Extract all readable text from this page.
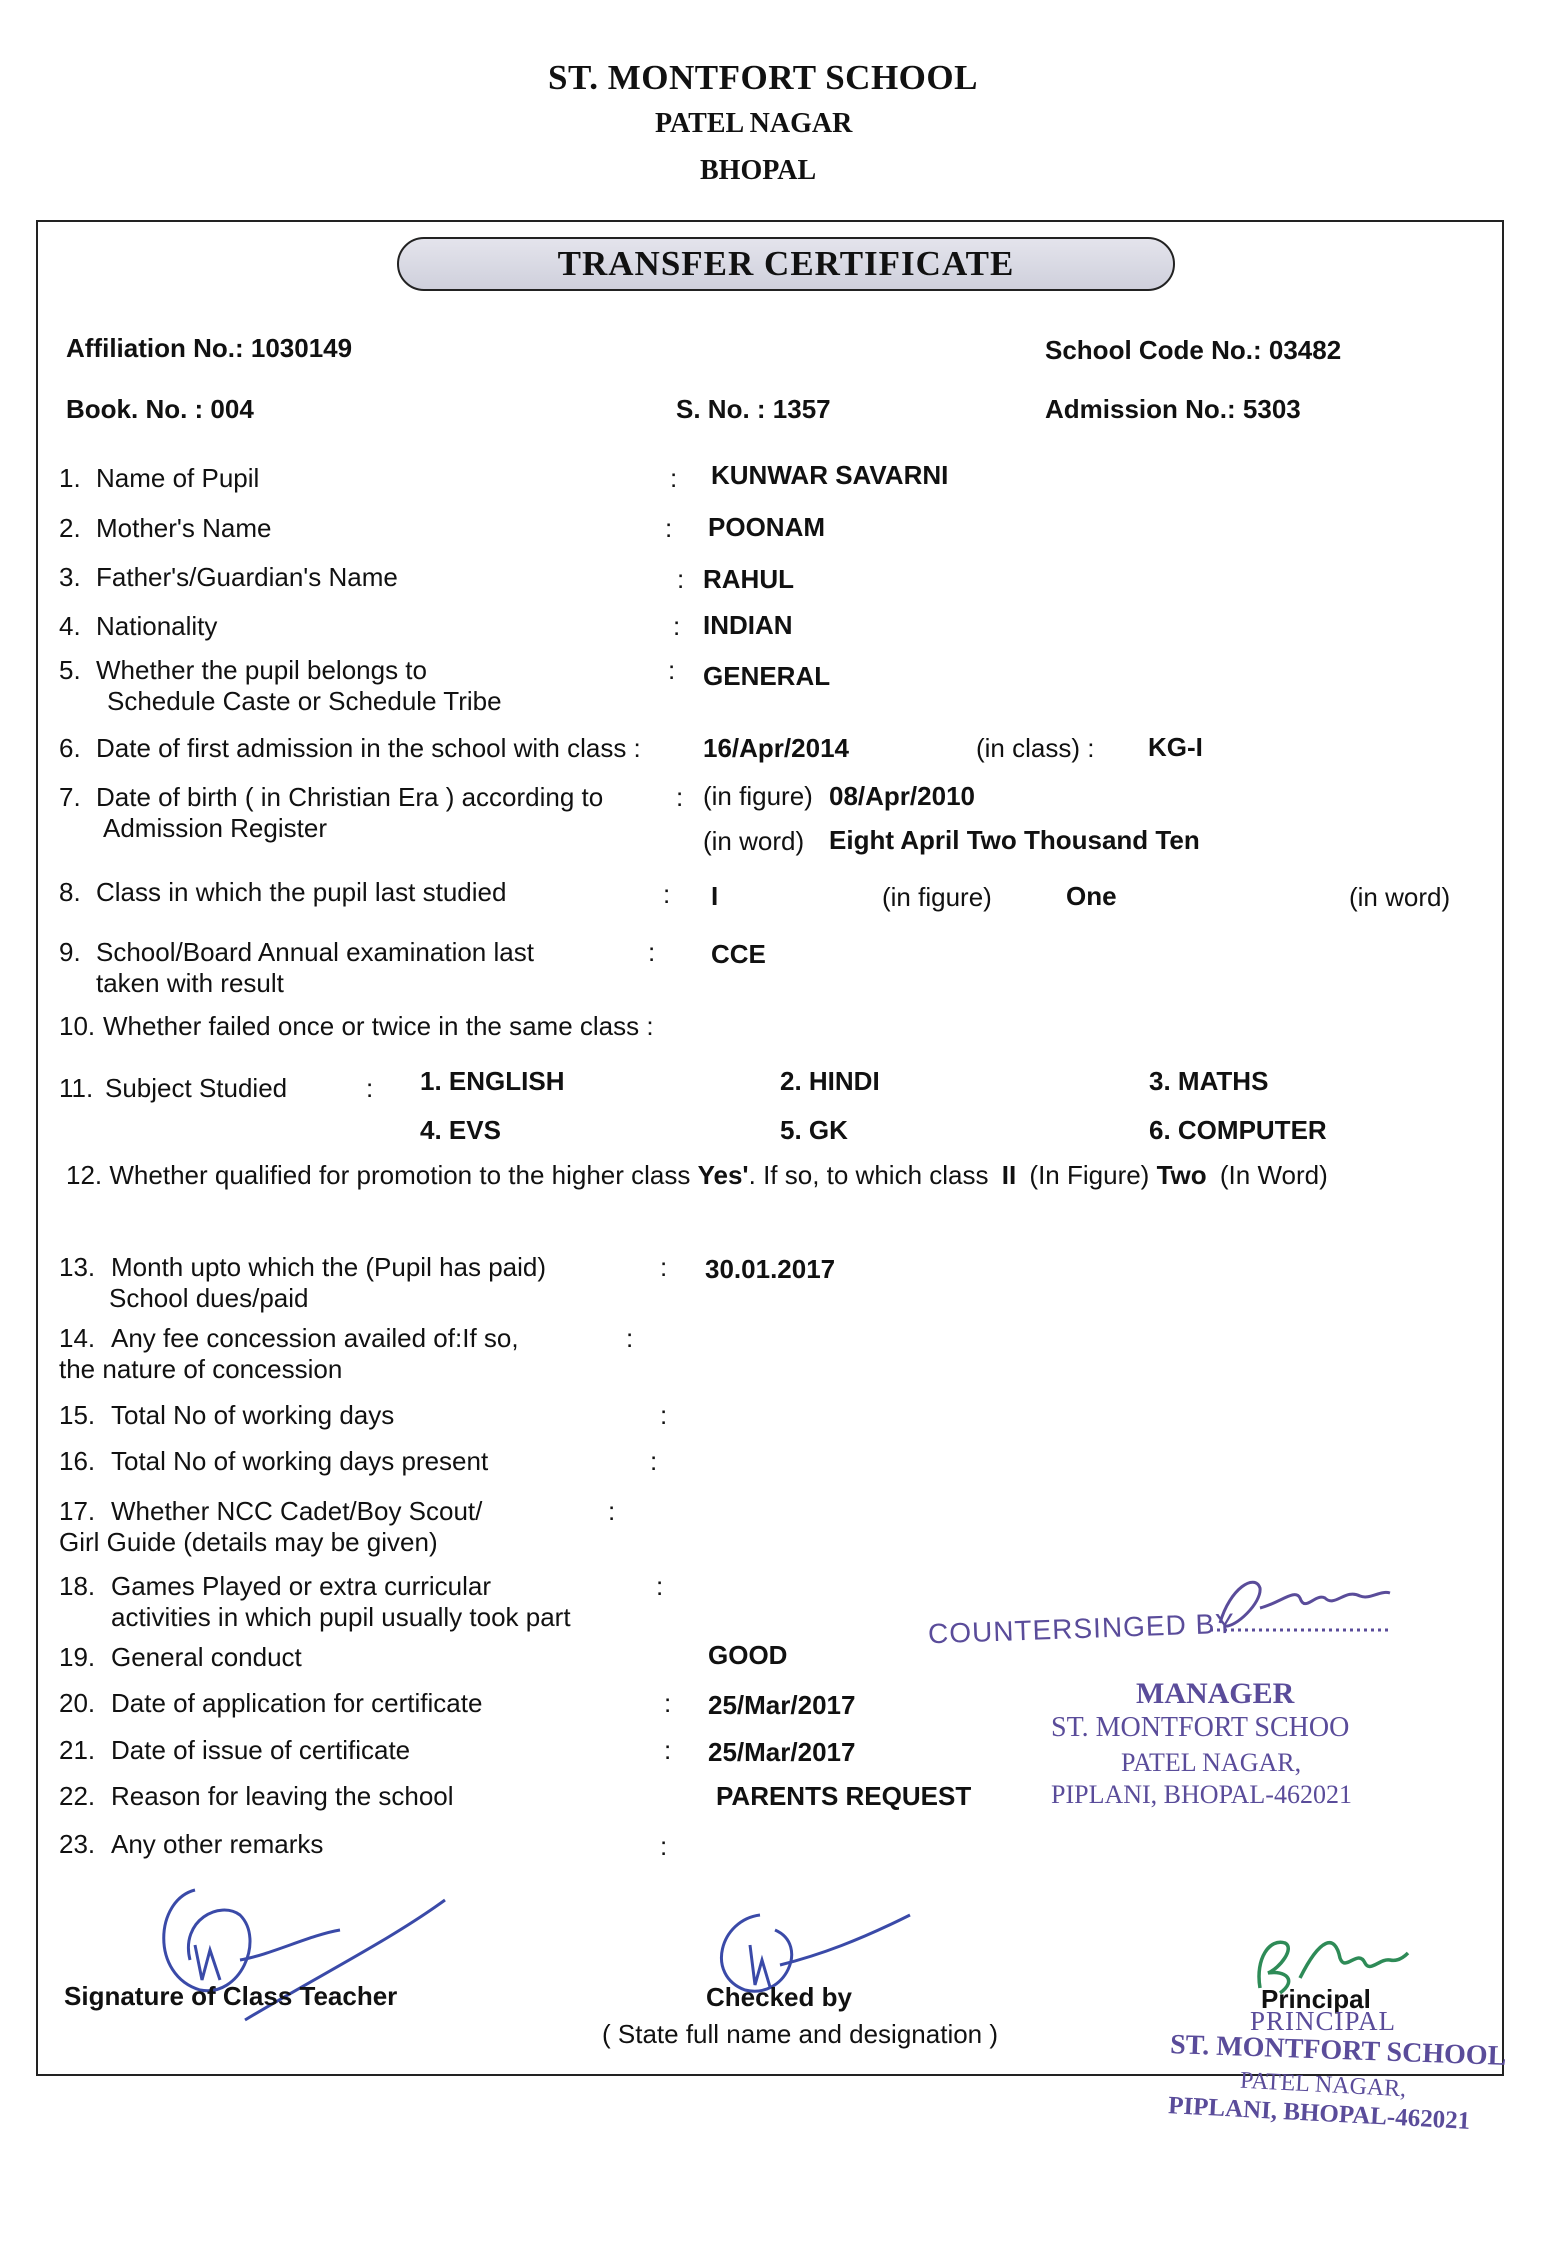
ST. MONTFORT SCHOOL
PATEL NAGAR
BHOPAL
TRANSFER CERTIFICATE
Affiliation No.: 1030149	School Code No.: 03482
Book. No. : 004	S. No. : 1357	Admission No.: 5303
1. Name of Pupil	: KUNWAR SAVARNI
2. Mother's Name	: POONAM
3. Father's/Guardian's Name	: RAHUL
4. Nationality	: INDIAN
5. Whether the pupil belongs to
Schedule Caste or Schedule Tribe
: GENERAL
6. Date of first admission in the school with class : 16/Apr/2014	(in class) : KG-I
7. Date of birth ( in Christian Era ) according to
Admission Register
: (in figure) 08/Apr/2010
(in word) Eight April Two Thousand Ten
8. Class in which the pupil last studied	: I	(in figure)	One	(in word)
9. School/Board Annual examination last
taken with result
: CCE
10. Whether failed once or twice in the same class :
11. Subject Studied	: 1. ENGLISH	2. HINDI	3. MATHS
4. EVS	5. GK	6. COMPUTER
12. Whether qualified for promotion to the higher class Yes'. If so, to which class II (In Figure) Two (In Word)
13. Month upto which the (Pupil has paid)
School dues/paid
: 30.01.2017
14. Any fee concession availed of:If so,
the nature of concession
:
15. Total No of working days	:
16. Total No of working days present	:
17. Whether NCC Cadet/Boy Scout/
Girl Guide (details may be given)
:
18. Games Played or extra curricular
activities in which pupil usually took part
:
19. General conduct	GOOD
20. Date of application for certificate	: 25/Mar/2017
21. Date of issue of certificate	: 25/Mar/2017
22. Reason for leaving the school	PARENTS REQUEST
23. Any other remarks	:
COUNTERSINGED BY
MANAGER
ST. MONTFORT SCHOO
PATEL NAGAR,
PIPLANI, BHOPAL-462021
Signature of Class Teacher	Checked by
( State full name and designation )
Principal
PRINCIPAL
ST. MONTFORT SCHOOL
PATEL NAGAR,
PIPLANI, BHOPAL-462021
